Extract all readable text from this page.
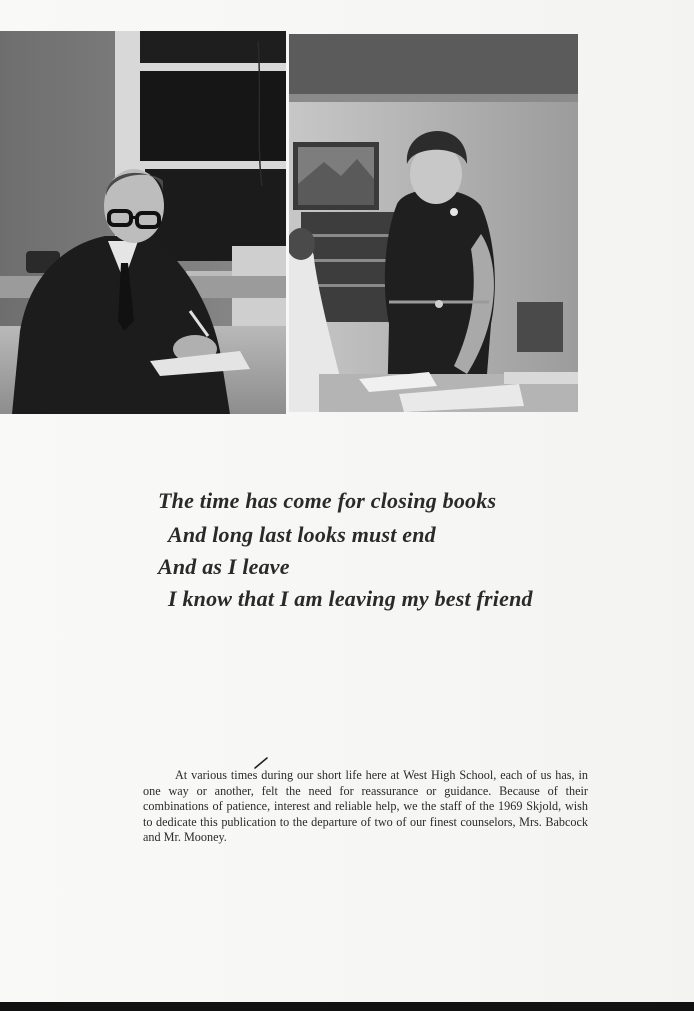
The time has come for closing books
And long last looks must end
And as I leave
I know that I am leaving my best friend

At various times during our short life here at West High School, each of us has, in one way or another, felt the need for reassurance or guidance. Because of their combinations of patience, interest and reliable help, we the staff of the 1969 Skjold, wish to dedicate this publication to the departure of two of our finest counselors, Mrs. Babcock and Mr. Mooney.
